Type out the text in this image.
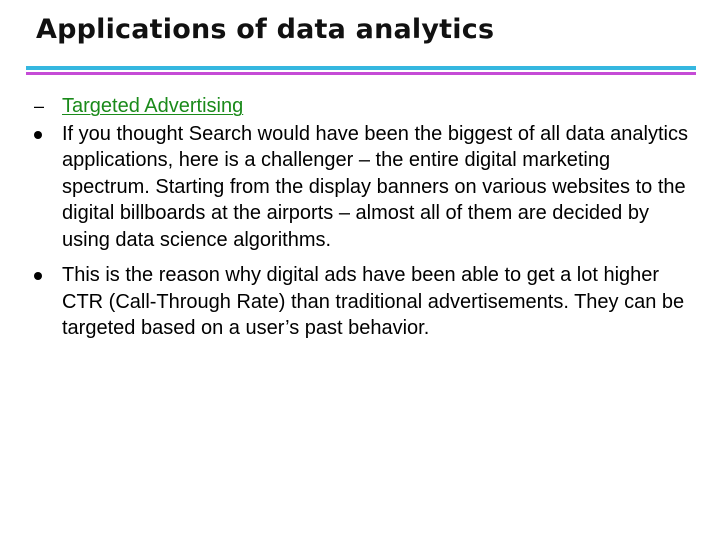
Applications of data analytics
– Targeted Advertising
If you thought Search would have been the biggest of all data analytics applications, here is a challenger – the entire digital marketing spectrum. Starting from the display banners on various websites to the digital billboards at the airports – almost all of them are decided by using data science algorithms.
This is the reason why digital ads have been able to get a lot higher CTR (Call-Through Rate) than traditional advertisements. They can be targeted based on a user’s past behavior.
